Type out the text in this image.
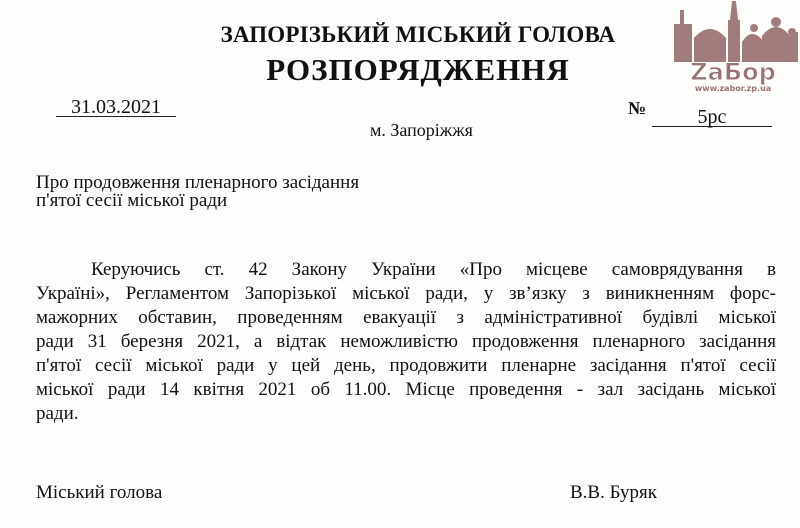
ЗАПОРІЗЬКИЙ МІСЬКИЙ ГОЛОВА
РОЗПОРЯДЖЕННЯ
31.03.2021
м. Запоріжжя
№	5рс
Про продовження пленарного засідання
п'ятої сесії міської ради
Керуючись ст. 42 Закону України «Про місцеве самоврядування в
Україні», Регламентом Запорізької міської ради, у зв’язку з виникненням форс-
мажорних обставин, проведенням евакуації з адміністративної будівлі міської
ради 31 березня 2021, а відтак неможливістю продовження пленарного засідання
п'ятої сесії міської ради у цей день, продовжити пленарне засідання п'ятої сесії
міської ради 14 квітня 2021 об 11.00. Місце проведення - зал засідань міської
ради.
Міський голова	В.В. Буряк
ZaБор
www.zabor.zp.ua
